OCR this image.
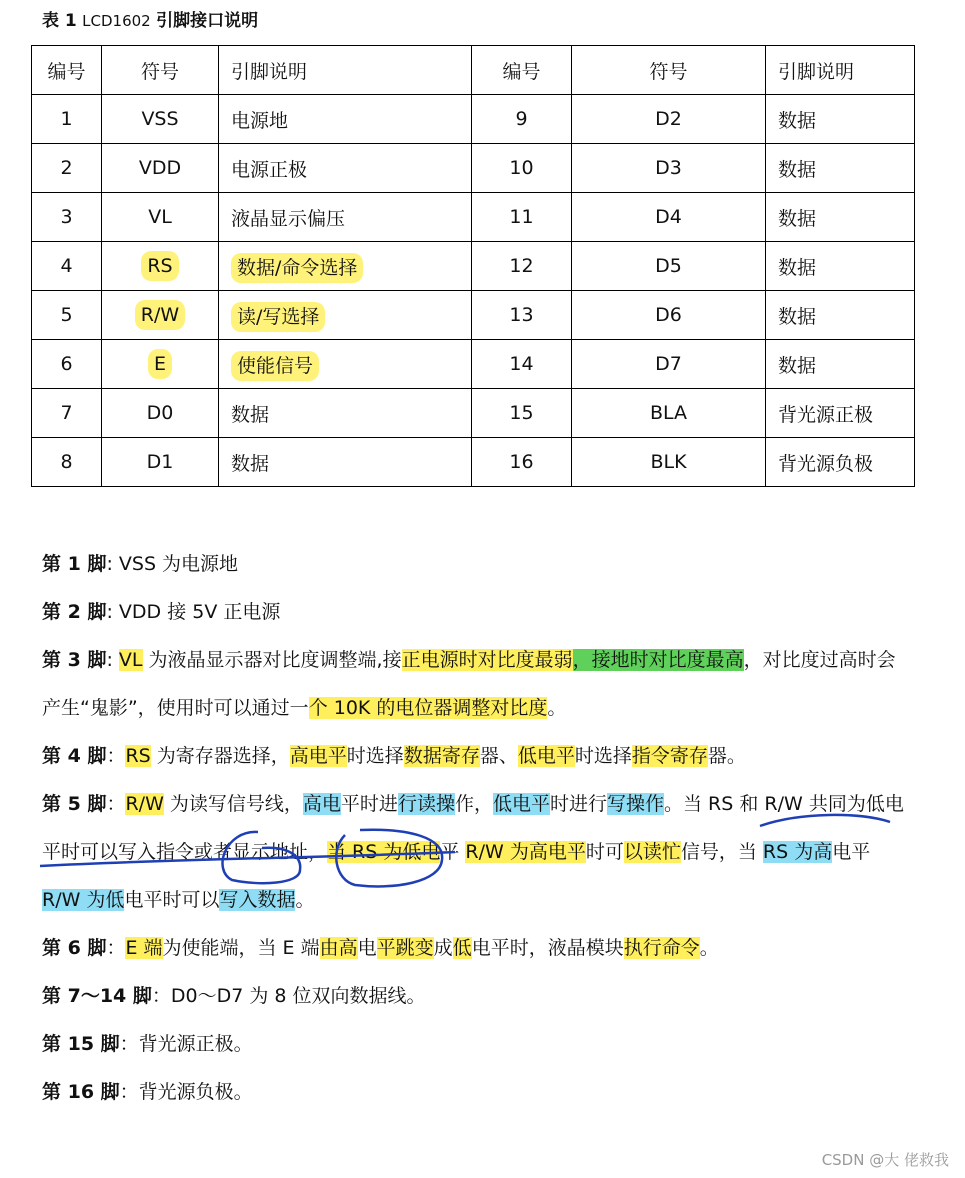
表 1 LCD1602 引脚接口说明
编号	符号	引脚说明	编号	符号	引脚说明
1	VSS	电源地	9	D2	数据
2	VDD	电源正极	10	D3	数据
3	VL	液晶显示偏压	11	D4	数据
4	RS	数据/命令选择	12	D5	数据
5	R/W	读/写选择	13	D6	数据
6	E	使能信号	14	D7	数据
7	D0	数据	15	BLA	背光源正极
8	D1	数据	16	BLK	背光源负极

第 1 脚: VSS 为电源地

第 2 脚: VDD 接 5V 正电源

第 3 脚: VL 为液晶显示器对比度调整端,接正电源时对比度最弱，接地时对比度最高，对比度过高时会产生“鬼影”，使用时可以通过一个 10K 的电位器调整对比度。

第 4 脚：RS 为寄存器选择，高电平时选择数据寄存器、低电平时选择指令寄存器。

第 5 脚：R/W 为读写信号线，高电平时进行读操作，低电平时进行写操作。当 RS 和 R/W 共同为低电平时可以写入指令或者显示地址，当 RS 为低电平 R/W 为高电平时可以读忙信号，当 RS 为高电平 R/W 为低电平时可以写入数据。

第 6 脚：E 端为使能端，当 E 端由高电平跳变成低电平时，液晶模块执行命令。

第 7～14 脚：D0～D7 为 8 位双向数据线。

第 15 脚：背光源正极。

第 16 脚：背光源负极。

CSDN @大 佬救我
